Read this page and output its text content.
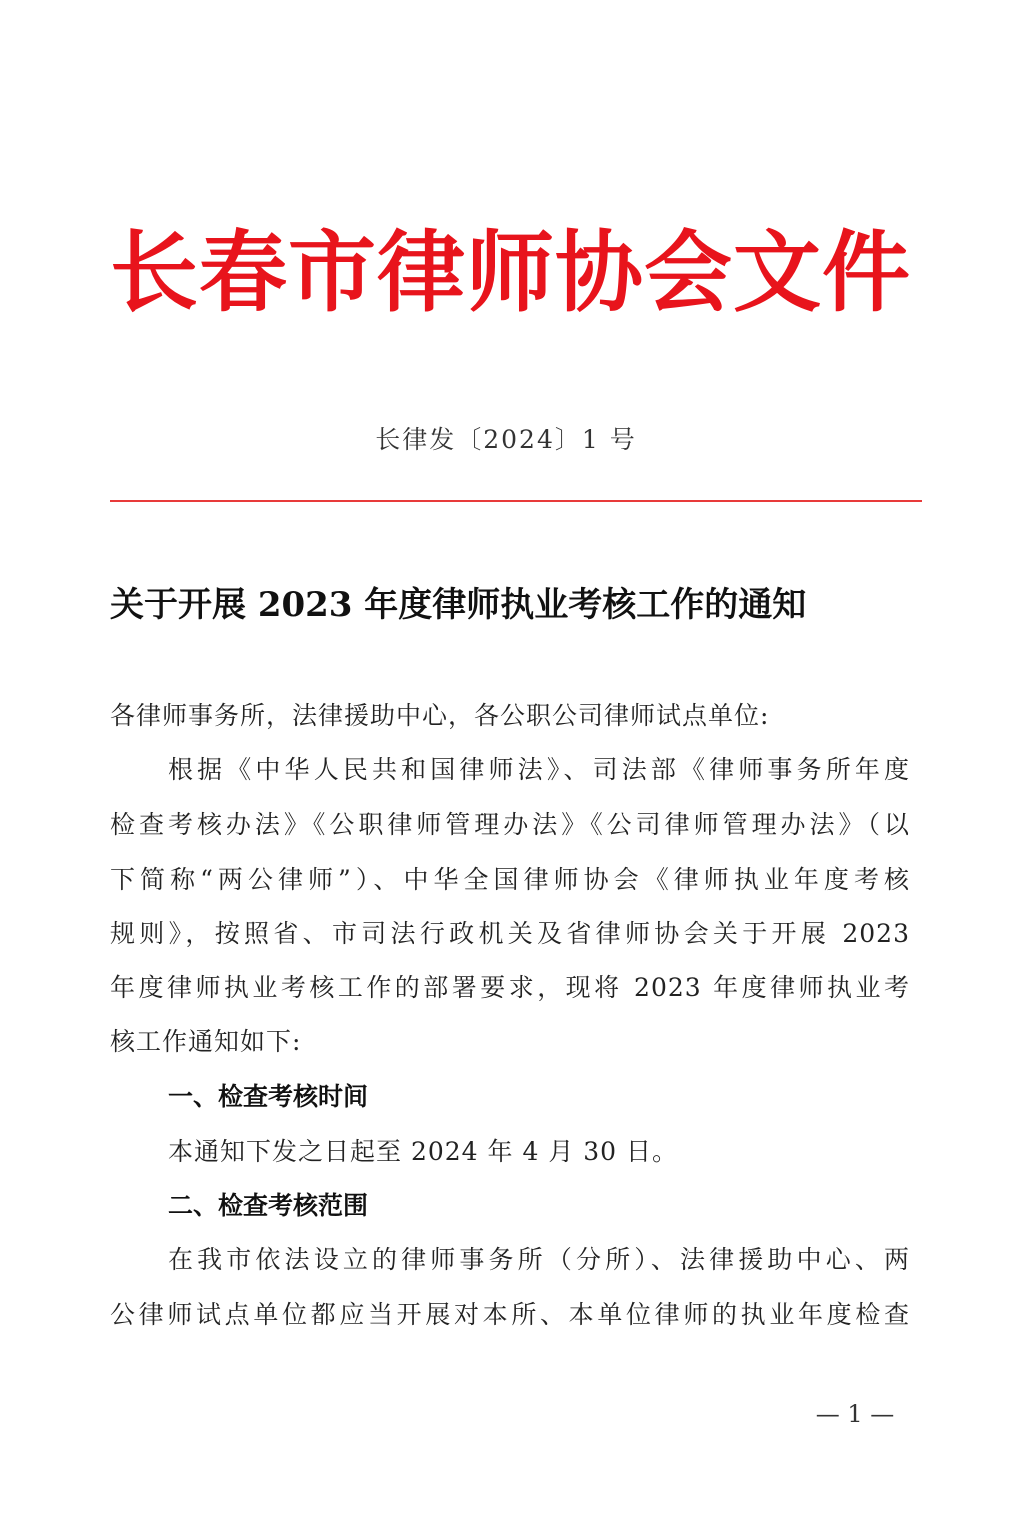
长春市律师协会文件
长律发〔2024〕1 号
关于开展 2023 年度律师执业考核工作的通知
各律师事务所，法律援助中心，各公职公司律师试点单位:
根据《中华人民共和国律师法》、司法部《律师事务所年度
检查考核办法》《公职律师管理办法》《公司律师管理办法》（以
下简称“两公律师”）、中华全国律师协会《律师执业年度考核
规则》，按照省、市司法行政机关及省律师协会关于开展 2023
年度律师执业考核工作的部署要求，现将 2023 年度律师执业考
核工作通知如下:
一、检查考核时间
本通知下发之日起至 2024 年 4 月 30 日。
二、检查考核范围
在我市依法设立的律师事务所（分所）、法律援助中心、两
公律师试点单位都应当开展对本所、本单位律师的执业年度检查
— 1 —
